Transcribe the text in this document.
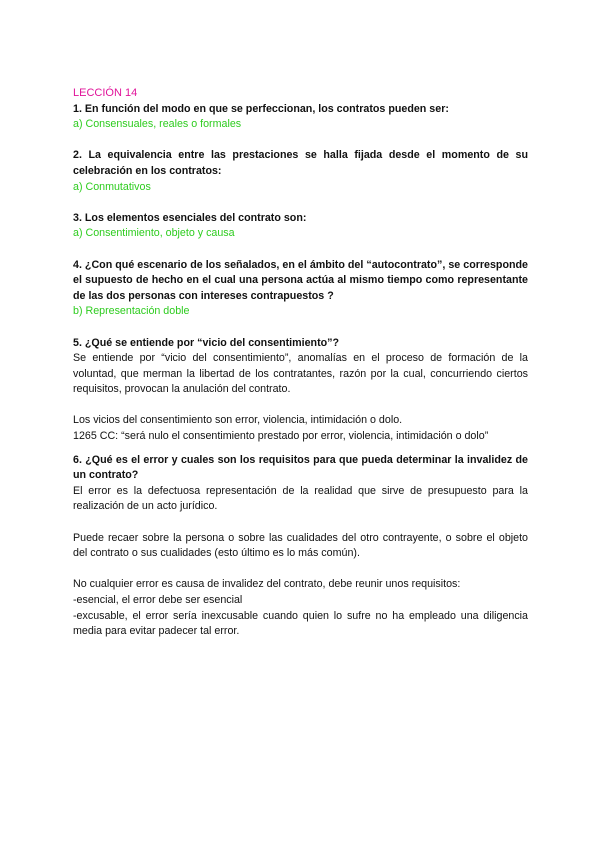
LECCIÓN 14

1. En función del modo en que se perfeccionan, los contratos pueden ser:

a) Consensuales, reales o formales

2. La equivalencia entre las prestaciones se halla fijada desde el momento de su celebración en los contratos:

a) Conmutativos

3. Los elementos esenciales del contrato son:

a) Consentimiento, objeto y causa

4. ¿Con qué escenario de los señalados, en el ámbito del “autocontrato”, se corresponde el supuesto de hecho en el cual una persona actúa al mismo tiempo como representante de las dos personas con intereses contrapuestos ?

b) Representación doble

5. ¿Qué se entiende por “vicio del consentimiento”?

Se entiende por “vicio del consentimiento”, anomalías en el proceso de formación de la voluntad, que merman la libertad de los contratantes, razón por la cual, concurriendo ciertos requisitos, provocan la anulación del contrato.

Los vicios del consentimiento son error, violencia, intimidación o dolo.

1265 CC: “será nulo el consentimiento prestado por error, violencia, intimidación o dolo”

6. ¿Qué es el error y cuales son los requisitos para que pueda determinar la invalidez de un contrato?

El error es la defectuosa representación de la realidad que sirve de presupuesto para la realización de un acto jurídico.

Puede recaer sobre la persona o sobre las cualidades del otro contrayente, o sobre el objeto del contrato o sus cualidades (esto último es lo más común).

No cualquier error es causa de invalidez del contrato, debe reunir unos requisitos:

-esencial, el error debe ser esencial

-excusable, el error sería inexcusable cuando quien lo sufre no ha empleado una diligencia media para evitar padecer tal error.
